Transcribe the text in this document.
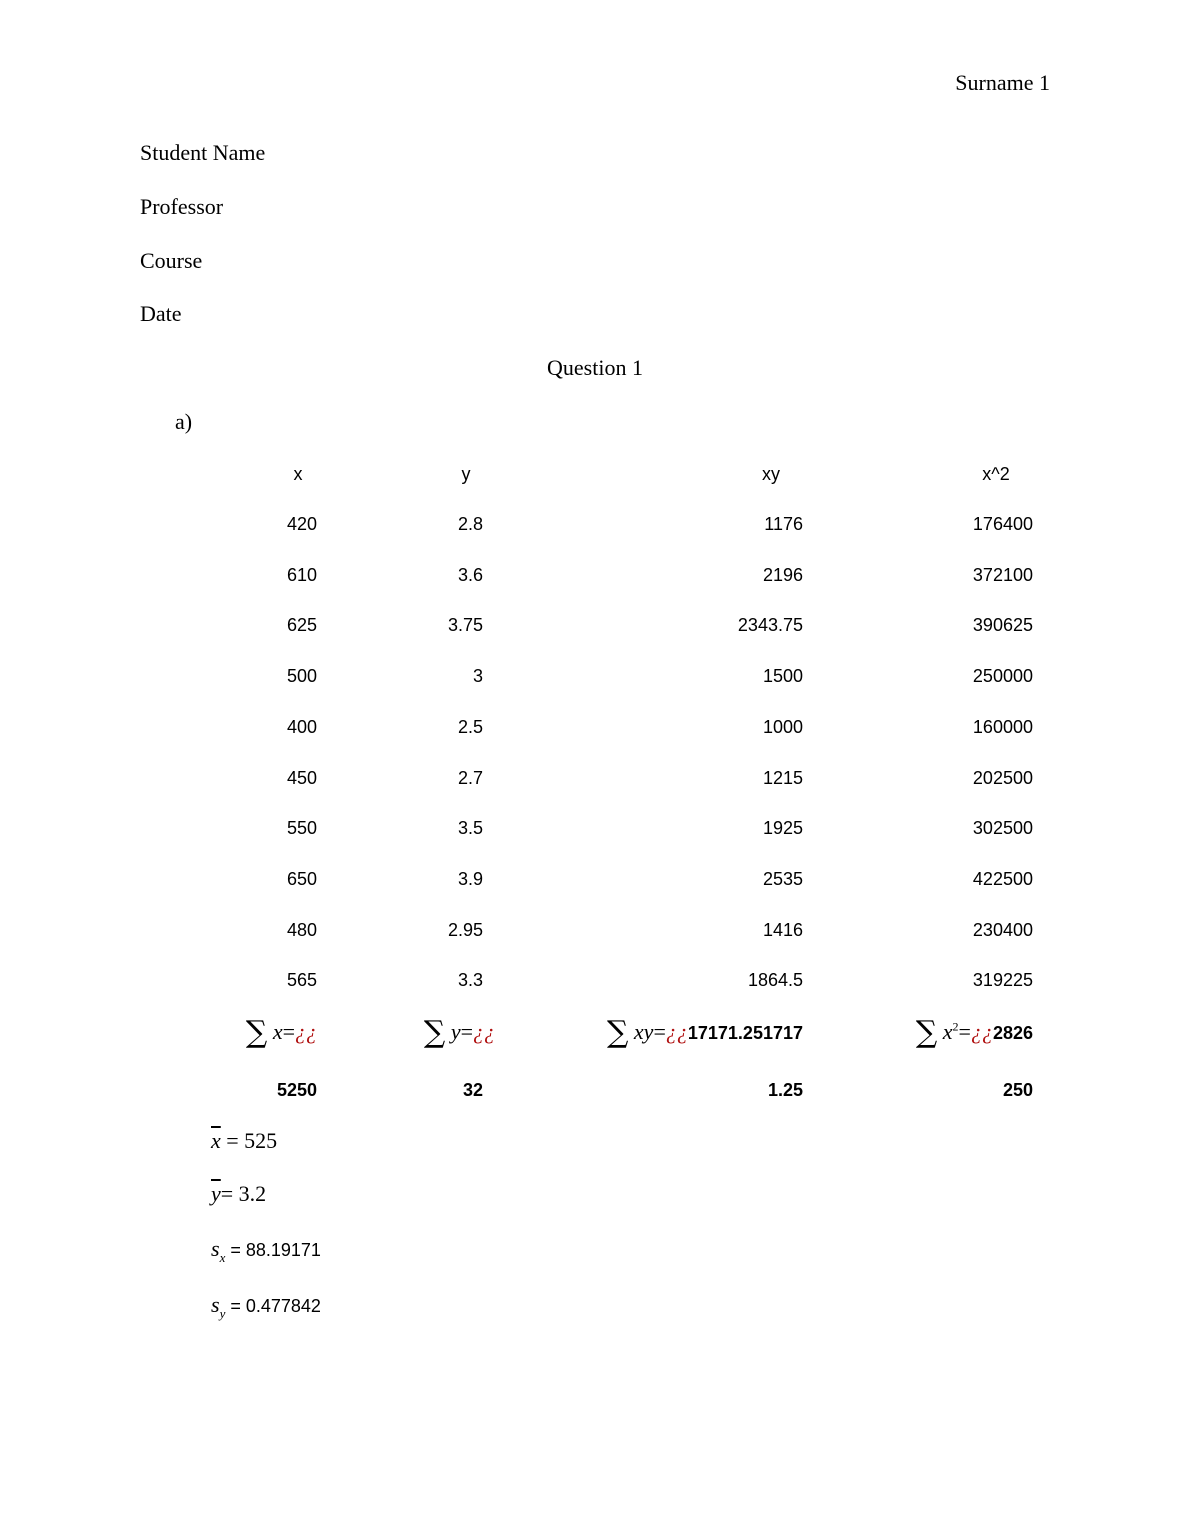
Surname 1
Student Name
Professor
Course
Date
Question 1
a)
x	y	xy	x^2
420	2.8	1176	176400
610	3.6	2196	372100
625	3.75	2343.75	390625
500	3	1500	250000
400	2.5	1000	160000
450	2.7	1215	202500
550	3.5	1925	302500
650	3.9	2535	422500
480	2.95	1416	230400
565	3.3	1864.5	319225
∑ x=¿¿	∑ y=¿¿	∑ xy=¿¿17171.251717	∑ $x^2=¿¿2826$
5250	32	1.25	250
$\overline{x} = 525$
$\overline{y}= 3.2$
$s_x = 88.19171$
$s_y = 0.477842$
